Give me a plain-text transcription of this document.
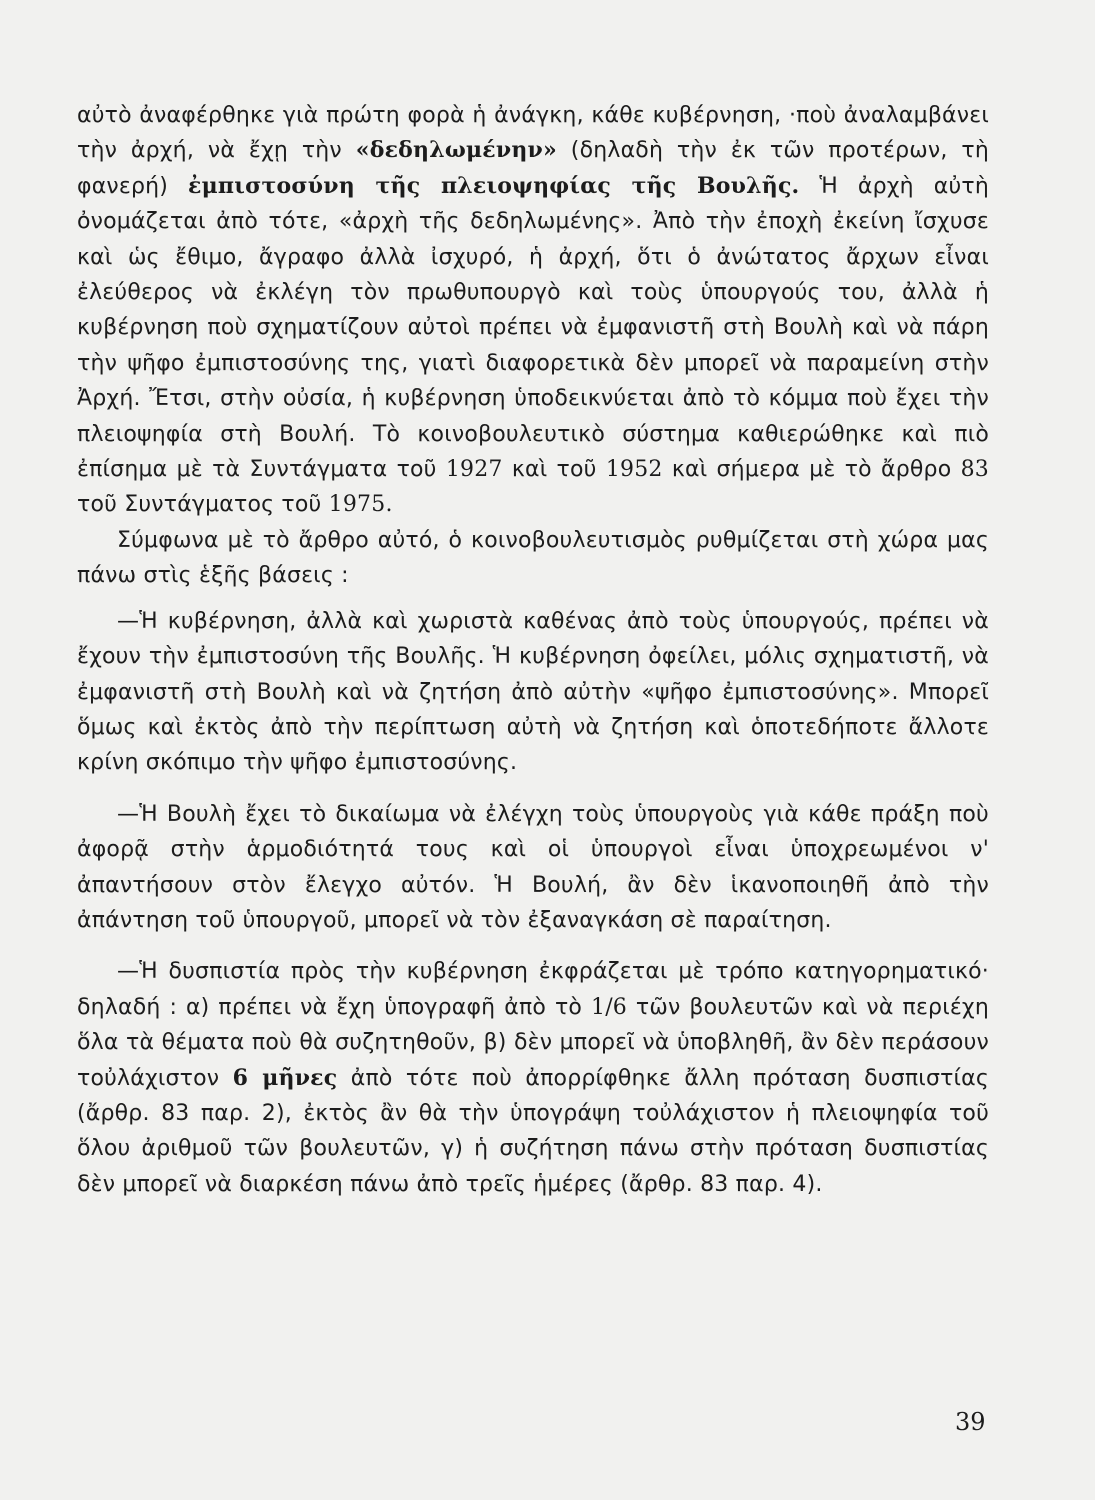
αὐτὸ ἀναφέρθηκε γιὰ πρώτη φορὰ ἡ ἀνάγκη, κάθε κυβέρνηση, ·ποὺ ἀναλαμβάνει τὴν ἀρχή, νὰ ἔχῃ τὴν «δεδηλωμένην» (δηλαδὴ τὴν ἐκ τῶν προτέρων, τὴ φανερή) ἐμπιστοσύνη τῆς πλειοψηφίας τῆς Βουλῆς. Ἡ ἀρχὴ αὐτὴ ὀνομάζεται ἀπὸ τότε, «ἀρχὴ τῆς δεδηλωμένης». Ἀπὸ τὴν ἐποχὴ ἐκείνη ἴσχυσε καὶ ὡς ἔθιμο, ἄγραφο ἀλλὰ ἰσχυρό, ἡ ἀρχή, ὅτι ὁ ἀνώτατος ἄρχων εἶναι ἐλεύθερος νὰ ἐκλέγη τὸν πρωθυπουργὸ καὶ τοὺς ὑπουργούς του, ἀλλὰ ἡ κυβέρνηση ποὺ σχηματίζουν αὐτοὶ πρέπει νὰ ἐμφανιστῆ στὴ Βουλὴ καὶ νὰ πάρη τὴν ψῆφο ἐμπιστοσύνης της, γιατὶ διαφορετικὰ δὲν μπορεῖ νὰ παραμείνη στὴν Ἀρχή. Ἔτσι, στὴν οὐσία, ἡ κυβέρνηση ὑποδεικνύεται ἀπὸ τὸ κόμμα ποὺ ἔχει τὴν πλειοψηφία στὴ Βουλή. Τὸ κοινοβουλευτικὸ σύστημα καθιερώθηκε καὶ πιὸ ἐπίσημα μὲ τὰ Συντάγματα τοῦ 1927 καὶ τοῦ 1952 καὶ σήμερα μὲ τὸ ἄρθρο 83 τοῦ Συντάγματος τοῦ 1975.

Σύμφωνα μὲ τὸ ἄρθρο αὐτό, ὁ κοινοβουλευτισμὸς ρυθμίζεται στὴ χώρα μας πάνω στὶς ἑξῆς βάσεις :

—Ἡ κυβέρνηση, ἀλλὰ καὶ χωριστὰ καθένας ἀπὸ τοὺς ὑπουργούς, πρέπει νὰ ἔχουν τὴν ἐμπιστοσύνη τῆς Βουλῆς. Ἡ κυβέρνηση ὀφείλει, μόλις σχηματιστῆ, νὰ ἐμφανιστῆ στὴ Βουλὴ καὶ νὰ ζητήση ἀπὸ αὐτὴν «ψῆφο ἐμπιστοσύνης». Μπορεῖ ὅμως καὶ ἐκτὸς ἀπὸ τὴν περίπτωση αὐτὴ νὰ ζητήση καὶ ὁποτεδήποτε ἄλλοτε κρίνη σκόπιμο τὴν ψῆφο ἐμπιστοσύνης.

—Ἡ Βουλὴ ἔχει τὸ δικαίωμα νὰ ἐλέγχη τοὺς ὑπουργοὺς γιὰ κάθε πράξη ποὺ ἀφορᾷ στὴν ἁρμοδιότητά τους καὶ οἱ ὑπουργοὶ εἶναι ὑποχρεωμένοι ν' ἀπαντήσουν στὸν ἔλεγχο αὐτόν. Ἡ Βουλή, ἂν δὲν ἱκανοποιηθῆ ἀπὸ τὴν ἀπάντηση τοῦ ὑπουργοῦ, μπορεῖ νὰ τὸν ἐξαναγκάση σὲ παραίτηση.

—Ἡ δυσπιστία πρὸς τὴν κυβέρνηση ἐκφράζεται μὲ τρόπο κατηγορηματικό· δηλαδή : α) πρέπει νὰ ἔχη ὑπογραφῆ ἀπὸ τὸ 1/6 τῶν βουλευτῶν καὶ νὰ περιέχη ὅλα τὰ θέματα ποὺ θὰ συζητηθοῦν, β) δὲν μπορεῖ νὰ ὑποβληθῆ, ἂν δὲν περάσουν τοὐλάχιστον 6 μῆνες ἀπὸ τότε ποὺ ἀπορρίφθηκε ἄλλη πρόταση δυσπιστίας (ἄρθρ. 83 παρ. 2), ἐκτὸς ἂν θὰ τὴν ὑπογράψη τοὐλάχιστον ἡ πλειοψηφία τοῦ ὅλου ἀριθμοῦ τῶν βουλευτῶν, γ) ἡ συζήτηση πάνω στὴν πρόταση δυσπιστίας δὲν μπορεῖ νὰ διαρκέση πάνω ἀπὸ τρεῖς ἡμέρες (ἄρθρ. 83 παρ. 4).

39
